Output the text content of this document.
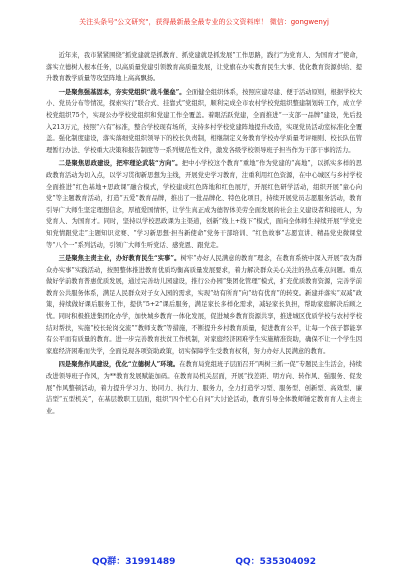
关注头条号"公文研究"，获得最新最全最专业的公文资料库！ 微信：gongwenyj

近年来，我市紧紧围绕“抓党建就是抓教育、抓党建就是抓发展”工作思路，践行“为党育人、为国育才”使命，落实立德树人根本任务，以高质量党建引领教育高质量发展，让党旗在办实教育民生大事、优化教育资源供给、提升教育教学质量等攻坚阵地上高高飘扬。

一是聚焦强基固本，夯实党组织“战斗堡垒”。全面健全组织体系，按照应建尽建、便于活动原则，根据学校大小、党员分布等情况，探索实行“联合式、挂靠式”党组织，顺利完成全市农村学校党组织整建制划转工作，成立学校党组织75个，实现公办学校党组织和党建工作全覆盖。着眼活跃党建，全面推进“一支部一品牌”建设，先后投入213万元，按照“六有”标准，整合学校现有场所，支持多村学校党建阵地提升改造，实现党员活动室标准化全覆盖。强化制度建设，落实落细党组织领导下的校长负责制，相继制定义务教育学校办学质量考评细则、校长队伍管理暂行办法、学校重大决策和报告制度等一系列规范性文件，激发各级学校领导班子担当作为干部干事的活力。

二是聚焦思政建设，把牢理论武装“方向”。把中小学校这个教育“重地”作为党建的“高地”，以抓实多样的思政教育活动为切入点，以学习贯彻新思想为主线，开展党史学习教育，注重利用红色资源，在中心城区与乡村学校全面推进“红色基地+思政课”融合模式，学校建成红色阵地和红色展厅，开展红色研学活动，组织开展“童心向党”等主题教育活动，打造“五爱”教育品牌，推出了一批品牌化、特色化项目，持续开展党员志愿服务活动，教育引导广大师生坚定理想信念，厚植爱国情怀，让学生真正成为德智体美劳全面发展的社会主义建设者和接班人，为党育人、为国育才。同时，坚持以学校思政课为主渠道，创新“线上+线下”模式，面向全体师生持续开展“学党史知党情跟党走”主题知识竞赛、“学习新思想·担当新使命”党务干部培训、“红色故事”志愿宣讲、精品党史微课堂等“八个一”系列活动，引领广大师生听党话、感党恩、跟党走。

三是聚焦主责主业，办好教育民生“实事”。树牢“办好人民满意的教育”理念，在教育系统中深入开展“我为群众办实事”实践活动，按照整体推进教育优质均衡高质量发展要求，着力解决群众关心关注的热点难点问题。重点做好学前教育普惠优质发展，通过完善幼儿园建设，推行公办园“集团化管理”模式，扩充优质教育资源，完善学前教育公共服务体系，满足人民群众对子女入园的需求，实现“幼有所育”向“幼有优育”的转变。新建并落实“双减”政策，持续做好课后服务工作，提供“5+2”课后服务，满足家长多样化需求，减轻家长负担，帮助家庭解决后顾之忧。同时积极推进集团化办学，加快城乡教育一体化发展，促进城乡教育资源共享，推进城区优质学校与农村学校结对帮扶，实施“校长轮岗交流”“教师支教”等措施，不断提升乡村教育质量，促进教育公平，让每一个孩子都能享有公平而有质量的教育。进一步完善教育扶贫工作机制，对家庭经济困难学生实施精准资助，确保不让一个学生因家庭经济困难而失学，全面兑现各项资助政策，切实保障学生受教育权利，努力办好人民满意的教育。

四是聚焦作风建设，优化“立德树人”环境。在教育局党组班子层面召开“两树三抓一促”专题民主生活会，持续改进领导班子作风，为**教育发展赋能加码。在教育局机关层面，开展“找差距、明方向、转作风、强服务、促发展”作风整顿活动，着力提升学习力、协同力、执行力、服务力，全力打造学习型、服务型、创新型、高效型、廉洁型“五型机关”，在基层教职工层面，组织“四个忙心自问”大讨论活动，教育引导全体教师锤定教育育人主责主业。

QQ群：31991489	QQ：535304092
